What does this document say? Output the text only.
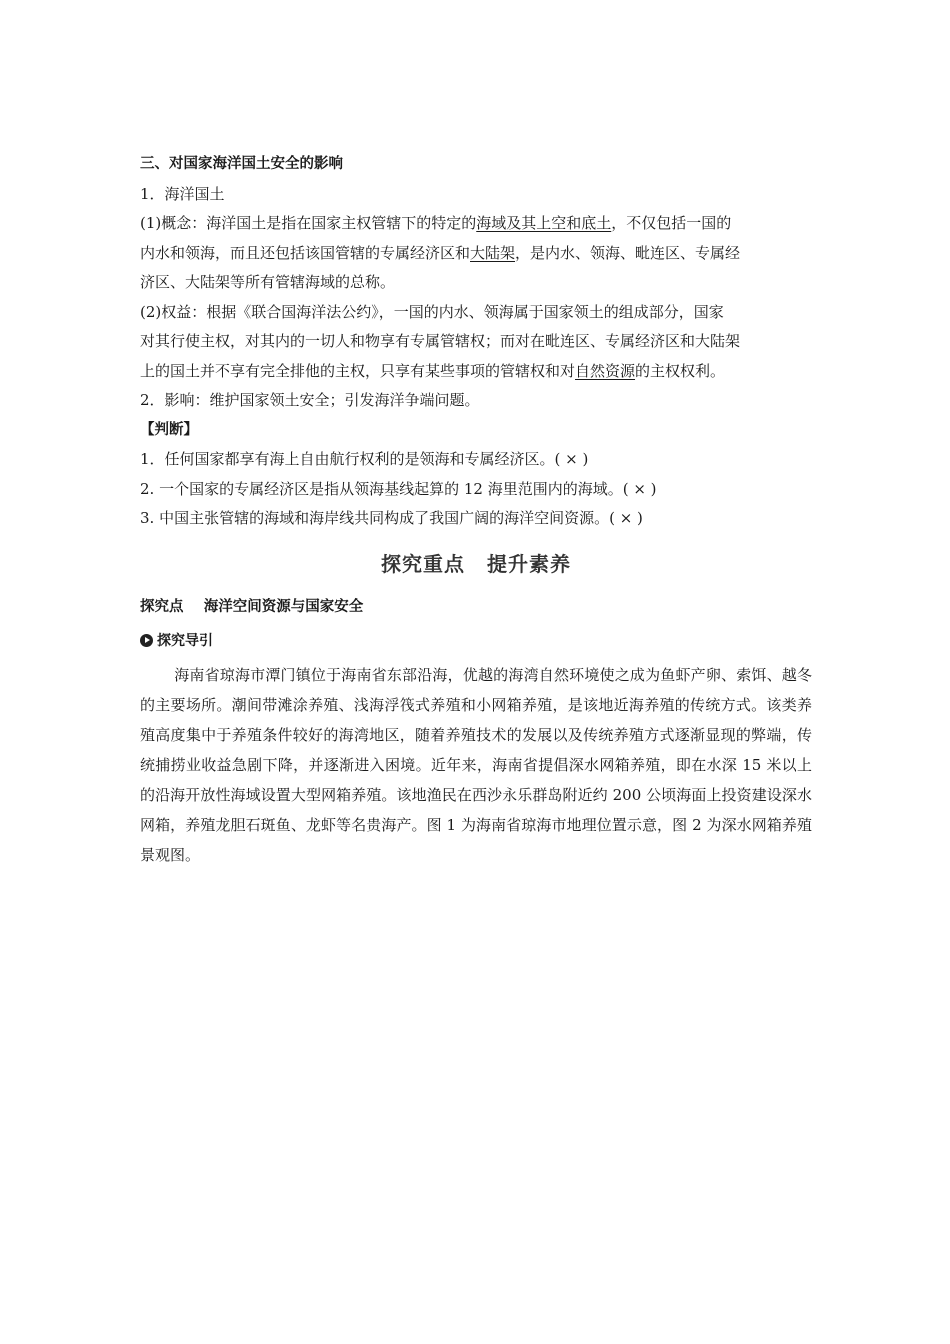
三、对国家海洋国土安全的影响
1．海洋国土
(1)概念：海洋国土是指在国家主权管辖下的特定的海域及其上空和底土，不仅包括一国的
内水和领海，而且还包括该国管辖的专属经济区和大陆架，是内水、领海、毗连区、专属经
济区、大陆架等所有管辖海域的总称。
(2)权益：根据《联合国海洋法公约》，一国的内水、领海属于国家领土的组成部分，国家
对其行使主权，对其内的一切人和物享有专属管辖权；而对在毗连区、专属经济区和大陆架
上的国土并不享有完全排他的主权，只享有某些事项的管辖权和对自然资源的主权权利。
2．影响：维护国家领土安全；引发海洋争端问题。
【判断】
1．任何国家都享有海上自由航行权利的是领海和专属经济区。( × )
2. 一个国家的专属经济区是指从领海基线起算的 12 海里范围内的海域。( × )
3. 中国主张管辖的海域和海岸线共同构成了我国广阔的海洋空间资源。( × )
探究重点 提升素养
探究点    海洋空间资源与国家安全
探究导引
海南省琼海市潭门镇位于海南省东部沿海，优越的海湾自然环境使之成为鱼虾产卵、索饵、越冬的主要场所。潮间带滩涂养殖、浅海浮筏式养殖和小网箱养殖，是该地近海养殖的传统方式。该类养殖高度集中于养殖条件较好的海湾地区，随着养殖技术的发展以及传统养殖方式逐渐显现的弊端，传统捕捞业收益急剧下降，并逐渐进入困境。近年来，海南省提倡深水网箱养殖，即在水深 15 米以上的沿海开放性海域设置大型网箱养殖。该地渔民在西沙永乐群岛附近约 200 公顷海面上投资建设深水网箱，养殖龙胆石斑鱼、龙虾等名贵海产。图 1 为海南省琼海市地理位置示意，图 2 为深水网箱养殖景观图。
